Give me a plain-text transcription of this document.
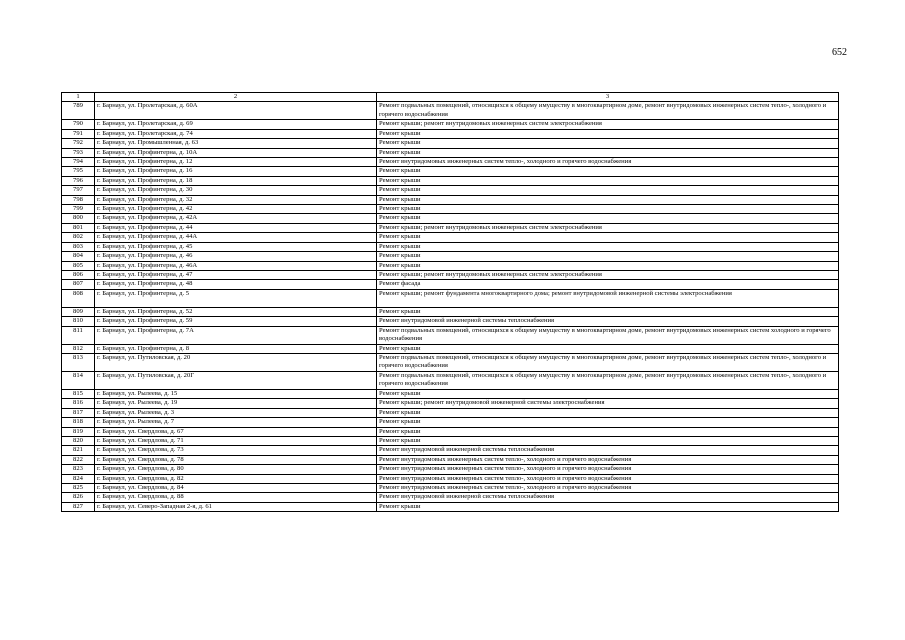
652
1	2	3
789	г. Барнаул, ул. Пролетарская, д. 60А	Ремонт подвальных помещений, относящихся к общему имуществу в многоквартирном доме, ремонт внутридомовых инженерных систем тепло-, холодного и горячего водоснабжения
790	г. Барнаул, ул. Пролетарская, д. 69	Ремонт крыши; ремонт внутридомовых инженерных систем электроснабжения
791	г. Барнаул, ул. Пролетарская, д. 74	Ремонт крыши
792	г. Барнаул, ул. Промышленная, д. 63	Ремонт крыши
793	г. Барнаул, ул. Профинтерна, д. 10А	Ремонт крыши
794	г. Барнаул, ул. Профинтерна, д. 12	Ремонт внутридомовых инженерных систем тепло-, холодного и горячего водоснабжения
795	г. Барнаул, ул. Профинтерна, д. 16	Ремонт крыши
796	г. Барнаул, ул. Профинтерна, д. 18	Ремонт крыши
797	г. Барнаул, ул. Профинтерна, д. 30	Ремонт крыши
798	г. Барнаул, ул. Профинтерна, д. 32	Ремонт крыши
799	г. Барнаул, ул. Профинтерна, д. 42	Ремонт крыши
800	г. Барнаул, ул. Профинтерна, д. 42А	Ремонт крыши
801	г. Барнаул, ул. Профинтерна, д. 44	Ремонт крыши; ремонт внутридомовых инженерных систем электроснабжения
802	г. Барнаул, ул. Профинтерна, д. 44А	Ремонт крыши
803	г. Барнаул, ул. Профинтерна, д. 45	Ремонт крыши
804	г. Барнаул, ул. Профинтерна, д. 46	Ремонт крыши
805	г. Барнаул, ул. Профинтерна, д. 46А	Ремонт крыши
806	г. Барнаул, ул. Профинтерна, д. 47	Ремонт крыши; ремонт внутридомовых инженерных систем электроснабжения
807	г. Барнаул, ул. Профинтерна, д. 48	Ремонт фасада
808	г. Барнаул, ул. Профинтерна, д. 5	Ремонт крыши; ремонт фундамента многоквартирного дома; ремонт внутридомовой инженерной системы электроснабжения
809	г. Барнаул, ул. Профинтерна, д. 52	Ремонт крыши
810	г. Барнаул, ул. Профинтерна, д. 59	Ремонт внутридомовой инженерной системы теплоснабжения
811	г. Барнаул, ул. Профинтерна, д. 7А	Ремонт подвальных помещений, относящихся к общему имуществу в многоквартирном доме, ремонт внутридомовых инженерных систем холодного и горячего водоснабжения
812	г. Барнаул, ул. Профинтерна, д. 8	Ремонт крыши
813	г. Барнаул, ул. Путиловская, д. 20	Ремонт подвальных помещений, относящихся к общему имуществу в многоквартирном доме, ремонт внутридомовых инженерных систем тепло-, холодного и горячего водоснабжения
814	г. Барнаул, ул. Путиловская, д. 20Г	Ремонт подвальных помещений, относящихся к общему имуществу в многоквартирном доме, ремонт внутридомовых инженерных систем тепло-, холодного и горячего водоснабжения
815	г. Барнаул, ул. Рылеева, д. 15	Ремонт крыши
816	г. Барнаул, ул. Рылеева, д. 19	Ремонт крыши; ремонт внутридомовой инженерной системы электроснабжения
817	г. Барнаул, ул. Рылеева, д. 3	Ремонт крыши
818	г. Барнаул, ул. Рылеева, д. 7	Ремонт крыши
819	г. Барнаул, ул. Свердлова, д. 67	Ремонт крыши
820	г. Барнаул, ул. Свердлова, д. 71	Ремонт крыши
821	г. Барнаул, ул. Свердлова, д. 73	Ремонт внутридомовой инженерной системы теплоснабжения
822	г. Барнаул, ул. Свердлова, д. 78	Ремонт внутридомовых инженерных систем тепло-, холодного и горячего водоснабжения
823	г. Барнаул, ул. Свердлова, д. 80	Ремонт внутридомовых инженерных систем тепло-, холодного и горячего водоснабжения
824	г. Барнаул, ул. Свердлова, д. 82	Ремонт внутридомовых инженерных систем тепло-, холодного и горячего водоснабжения
825	г. Барнаул, ул. Свердлова, д. 84	Ремонт внутридомовых инженерных систем тепло-, холодного и горячего водоснабжения
826	г. Барнаул, ул. Свердлова, д. 88	Ремонт внутридомовой инженерной системы теплоснабжения
827	г. Барнаул, ул. Северо-Западная 2-я, д. 61	Ремонт крыши
